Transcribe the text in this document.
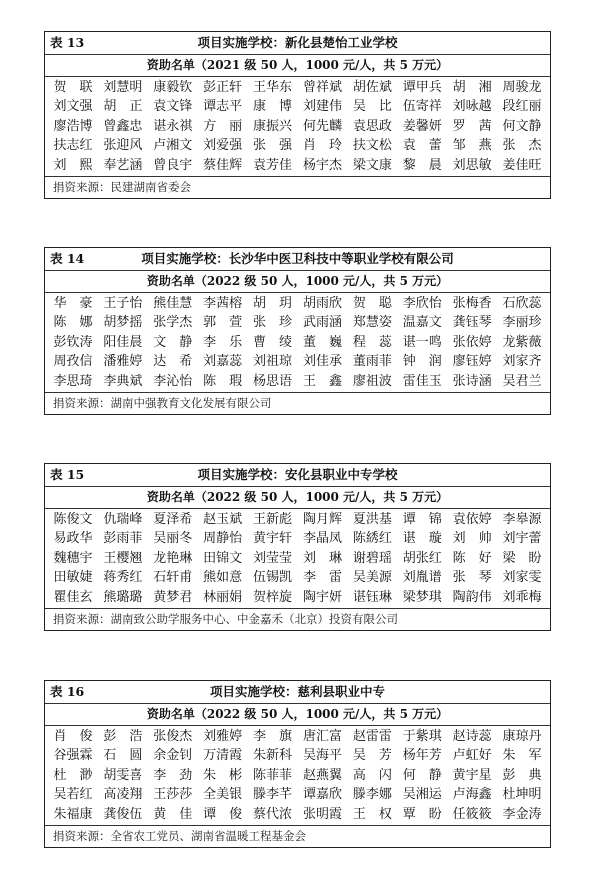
表 13	项目实施学校：新化县楚怡工业学校
资助名单（2021 级 50 人，1000 元/人，共 5 万元）
贺　联 刘慧明 康毅钦 彭正轩 王华东 曾祥斌 胡佐斌 谭甲兵 胡　湘 周骏龙
刘文强 胡　正 袁文锋 谭志平 康　博 刘建伟 吴　比 伍寄祥 刘咏越 段红丽
廖浩博 曾鑫忠 谌永祺 方　丽 康振兴 何先麟 袁思政 姜馨妍 罗　茜 何文静
扶志红 张迎风 卢湘文 刘爱强 张　强 肖　玲 扶文松 袁　蕾 邹　燕 张　杰
刘　熙 奉艺涵 曾良宇 蔡佳辉 袁芳佳 杨宇杰 梁文康 黎　晨 刘思敏 姜佳旺
捐资来源：民建湖南省委会
表 14	项目实施学校：长沙华中医卫科技中等职业学校有限公司
资助名单（2022 级 50 人，1000 元/人，共 5 万元）
华　豪 王子怡 熊佳慧 李茜榕 胡　玥 胡雨欣 贺　聪 李欣怡 张梅香 石欣蕊
陈　娜 胡梦摇 张学杰 郭　萱 张　珍 武雨涵 郑慧姿 温嘉文 龚钰琴 李丽珍
彭钦涛 阳佳晨 文　静 李　乐 曹　绫 董　巍 程　蕊 谌一鸣 张依婷 龙紫薇
周孜信 潘雅婷 达　希 刘嘉蕊 刘祖琼 刘佳承 董雨菲 钟　润 廖钰婷 刘家齐
李思琦 李典斌 李沁怡 陈　瑕 杨思语 王　鑫 廖祖波 雷佳玉 张诗涵 吴君兰
捐资来源：湖南中强教育文化发展有限公司
表 15	项目实施学校：安化县职业中专学校
资助名单（2022 级 50 人，1000 元/人，共 5 万元）
陈俊文 仇瑞峰 夏泽希 赵玉斌 王新彪 陶月辉 夏洪基 谭　锦 袁依婷 李皋源
易政华 彭雨菲 吴丽冬 周静怡 黄宇轩 李晶凤 陈綉红 谌　璇 刘　帅 刘宇蕾
魏穗宇 王樱翘 龙艳琳 田锦文 刘莹莹 刘　琳 谢碧瑶 胡张红 陈　好 梁　盼
田敏婕 蒋秀红 石轩甫 熊如意 伍锡凯 李　雷 吴美源 刘胤谱 张　琴 刘家雯
瞿佳玄 熊璐璐 黄梦君 林丽娟 贺梓旋 陶宇妍 谌钰琳 梁梦琪 陶韵伟 刘乖梅
捐资来源：湖南致公助学服务中心、中金嘉禾（北京）投资有限公司
表 16	项目实施学校：慈利县职业中专
资助名单（2022 级 50 人，1000 元/人，共 5 万元）
肖　俊 彭　浩 张俊杰 刘雅婷 李　旗 唐汇富 赵雷雷 于紫琪 赵诗蕊 康琼丹
谷强霖 石　圆 余金钊 万清霞 朱新科 吴海平 吴　芳 杨年芳 卢虹好 朱　军
杜　渺 胡雯喜 李　劲 朱　彬 陈菲菲 赵燕翼 高　闪 何　静 黄宇星 彭　典
吴若红 高凌翔 王莎莎 全美银 滕李芊 谭嘉欣 滕李娜 吴湘运 卢海鑫 杜坤明
朱福康 龚俊伍 黄　佳 谭　俊 蔡代浓 张明霞 王　权 覃　盼 任筱筱 李金涛
捐资来源：全省农工党员、湖南省温暖工程基金会
